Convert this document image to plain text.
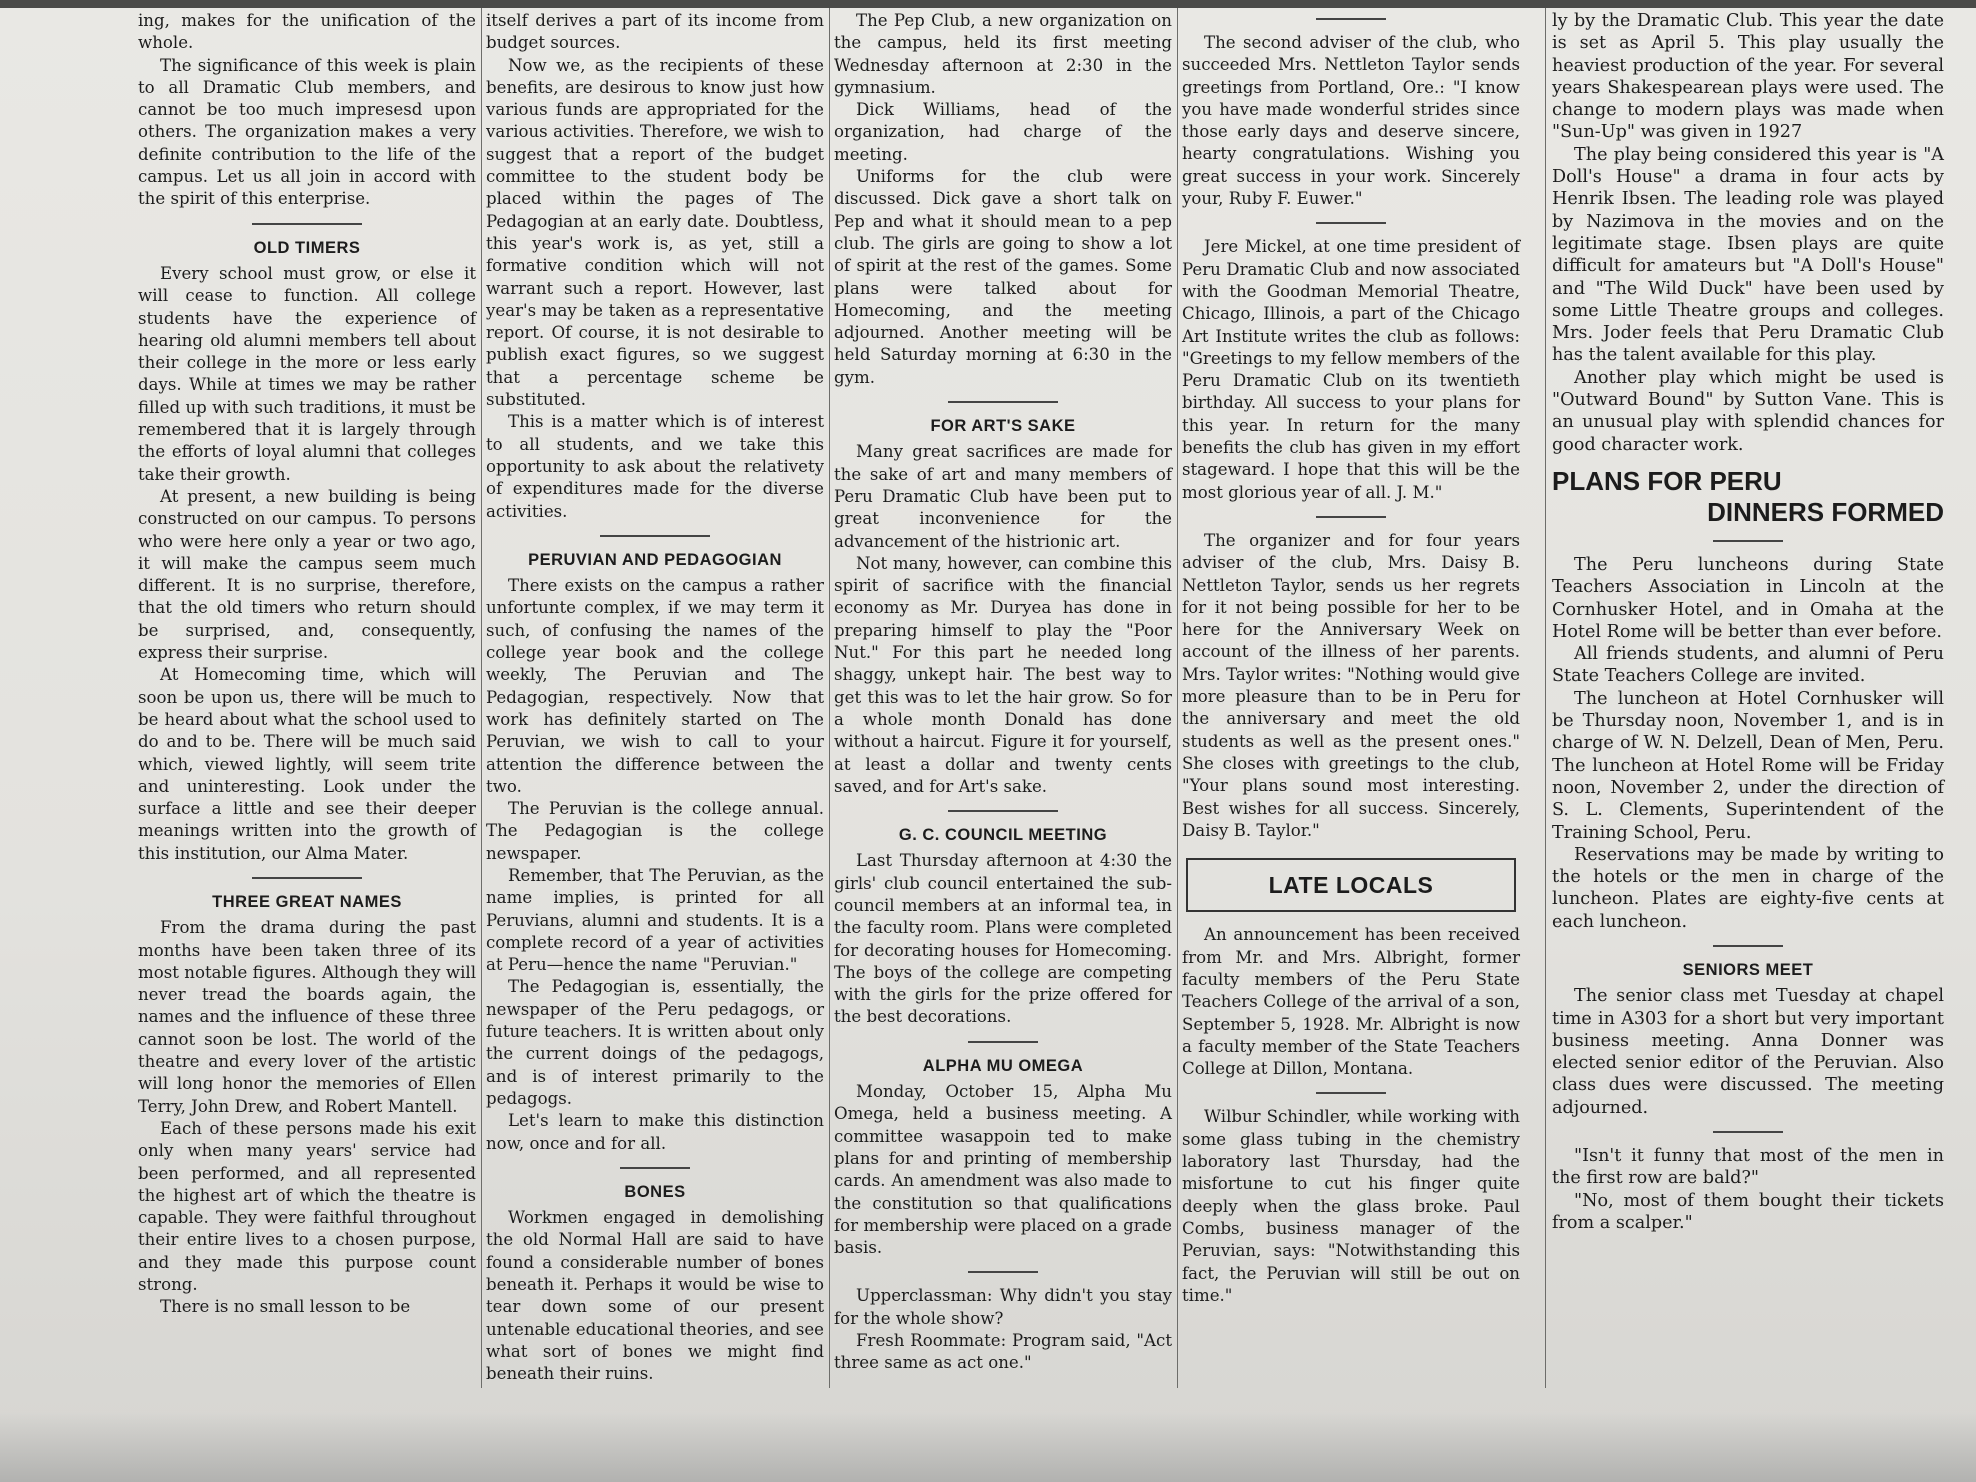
ing, makes for the unification of the whole.

The significance of this week is plain to all Dramatic Club members, and cannot be too much impresesd upon others. The organization makes a very definite contribution to the life of the campus. Let us all join in accord with the spirit of this enterprise.

OLD TIMERS

Every school must grow, or else it will cease to function. All college students have the experience of hearing old alumni members tell about their college in the more or less early days. While at times we may be rather filled up with such traditions, it must be remembered that it is largely through the efforts of loyal alumni that colleges take their growth.

At present, a new building is being constructed on our campus. To persons who were here only a year or two ago, it will make the campus seem much different. It is no surprise, therefore, that the old timers who return should be surprised, and, consequently, express their surprise.

At Homecoming time, which will soon be upon us, there will be much to be heard about what the school used to do and to be. There will be much said which, viewed lightly, will seem trite and uninteresting. Look under the surface a little and see their deeper meanings written into the growth of this institution, our Alma Mater.

THREE GREAT NAMES

From the drama during the past months have been taken three of its most notable figures. Although they will never tread the boards again, the names and the influence of these three cannot soon be lost. The world of the theatre and every lover of the artistic will long honor the memories of Ellen Terry, John Drew, and Robert Mantell.

Each of these persons made his exit only when many years' service had been performed, and all represented the highest art of which the theatre is capable. They were faithful throughout their entire lives to a chosen purpose, and they made this purpose count strong.

There is no small lesson to be

itself derives a part of its income from budget sources.

Now we, as the recipients of these benefits, are desirous to know just how various funds are appropriated for the various activities. Therefore, we wish to suggest that a report of the budget committee to the student body be placed within the pages of The Pedagogian at an early date. Doubtless, this year's work is, as yet, still a formative condition which will not warrant such a report. However, last year's may be taken as a representative report. Of course, it is not desirable to publish exact figures, so we suggest that a percentage scheme be substituted.

This is a matter which is of interest to all students, and we take this opportunity to ask about the relativety of expenditures made for the diverse activities.

PERUVIAN AND PEDAGOGIAN

There exists on the campus a rather unfortunte complex, if we may term it such, of confusing the names of the college year book and the college weekly, The Peruvian and The Pedagogian, respectively. Now that work has definitely started on The Peruvian, we wish to call to your attention the difference between the two.

The Peruvian is the college annual. The Pedagogian is the college newspaper.

Remember, that The Peruvian, as the name implies, is printed for all Peruvians, alumni and students. It is a complete record of a year of activities at Peru—hence the name "Peruvian."

The Pedagogian is, essentially, the newspaper of the Peru pedagogs, or future teachers. It is written about only the current doings of the pedagogs, and is of interest primarily to the pedagogs.

Let's learn to make this distinction now, once and for all.

BONES

Workmen engaged in demolishing the old Normal Hall are said to have found a considerable number of bones beneath it. Perhaps it would be wise to tear down some of our present untenable educational theories, and see what sort of bones we might find beneath their ruins.

The Pep Club, a new organization on the campus, held its first meeting Wednesday afternoon at 2:30 in the gymnasium.

Dick Williams, head of the organization, had charge of the meeting.

Uniforms for the club were discussed. Dick gave a short talk on Pep and what it should mean to a pep club. The girls are going to show a lot of spirit at the rest of the games. Some plans were talked about for Homecoming, and the meeting adjourned. Another meeting will be held Saturday morning at 6:30 in the gym.

FOR ART'S SAKE

Many great sacrifices are made for the sake of art and many members of Peru Dramatic Club have been put to great inconvenience for the advancement of the histrionic art.

Not many, however, can combine this spirit of sacrifice with the financial economy as Mr. Duryea has done in preparing himself to play the "Poor Nut." For this part he needed long shaggy, unkept hair. The best way to get this was to let the hair grow. So for a whole month Donald has done without a haircut. Figure it for yourself, at least a dollar and twenty cents saved, and for Art's sake.

G. C. COUNCIL MEETING

Last Thursday afternoon at 4:30 the girls' club council entertained the sub-council members at an informal tea, in the faculty room. Plans were completed for decorating houses for Homecoming. The boys of the college are competing with the girls for the prize offered for the best decorations.

ALPHA MU OMEGA

Monday, October 15, Alpha Mu Omega, held a business meeting. A committee wasappoin ted to make plans for and printing of membership cards. An amendment was also made to the constitution so that qualifications for membership were placed on a grade basis.

Upperclassman: Why didn't you stay for the whole show?

Fresh Roommate: Program said, "Act three same as act one."

The second adviser of the club, who succeeded Mrs. Nettleton Taylor sends greetings from Portland, Ore.: "I know you have made wonderful strides since those early days and deserve sincere, hearty congratulations. Wishing you great success in your work. Sincerely your, Ruby F. Euwer."

Jere Mickel, at one time president of Peru Dramatic Club and now associated with the Goodman Memorial Theatre, Chicago, Illinois, a part of the Chicago Art Institute writes the club as follows: "Greetings to my fellow members of the Peru Dramatic Club on its twentieth birthday. All success to your plans for this year. In return for the many benefits the club has given in my effort stageward. I hope that this will be the most glorious year of all. J. M."

The organizer and for four years adviser of the club, Mrs. Daisy B. Nettleton Taylor, sends us her regrets for it not being possible for her to be here for the Anniversary Week on account of the illness of her parents. Mrs. Taylor writes: "Nothing would give more pleasure than to be in Peru for the anniversary and meet the old students as well as the present ones." She closes with greetings to the club, "Your plans sound most interesting. Best wishes for all success. Sincerely, Daisy B. Taylor."

LATE LOCALS

An announcement has been received from Mr. and Mrs. Albright, former faculty members of the Peru State Teachers College of the arrival of a son, September 5, 1928. Mr. Albright is now a faculty member of the State Teachers College at Dillon, Montana.

Wilbur Schindler, while working with some glass tubing in the chemistry laboratory last Thursday, had the misfortune to cut his finger quite deeply when the glass broke. Paul Combs, business manager of the Peruvian, says: "Notwithstanding this fact, the Peruvian will still be out on time."

ly by the Dramatic Club. This year the date is set as April 5. This play usually the heaviest production of the year. For several years Shakespearean plays were used. The change to modern plays was made when "Sun-Up" was given in 1927

The play being considered this year is "A Doll's House" a drama in four acts by Henrik Ibsen. The leading role was played by Nazimova in the movies and on the legitimate stage. Ibsen plays are quite difficult for amateurs but "A Doll's House" and "The Wild Duck" have been used by some Little Theatre groups and colleges. Mrs. Joder feels that Peru Dramatic Club has the talent available for this play.

Another play which might be used is "Outward Bound" by Sutton Vane. This is an unusual play with splendid chances for good character work.

PLANS FOR PERU
DINNERS FORMED

The Peru luncheons during State Teachers Association in Lincoln at the Cornhusker Hotel, and in Omaha at the Hotel Rome will be better than ever before.

All friends students, and alumni of Peru State Teachers College are invited.

The luncheon at Hotel Cornhusker will be Thursday noon, November 1, and is in charge of W. N. Delzell, Dean of Men, Peru. The luncheon at Hotel Rome will be Friday noon, November 2, under the direction of S. L. Clements, Superintendent of the Training School, Peru.

Reservations may be made by writing to the hotels or the men in charge of the luncheon. Plates are eighty-five cents at each luncheon.

SENIORS MEET

The senior class met Tuesday at chapel time in A303 for a short but very important business meeting. Anna Donner was elected senior editor of the Peruvian. Also class dues were discussed. The meeting adjourned.

"Isn't it funny that most of the men in the first row are bald?"

"No, most of them bought their tickets from a scalper."
